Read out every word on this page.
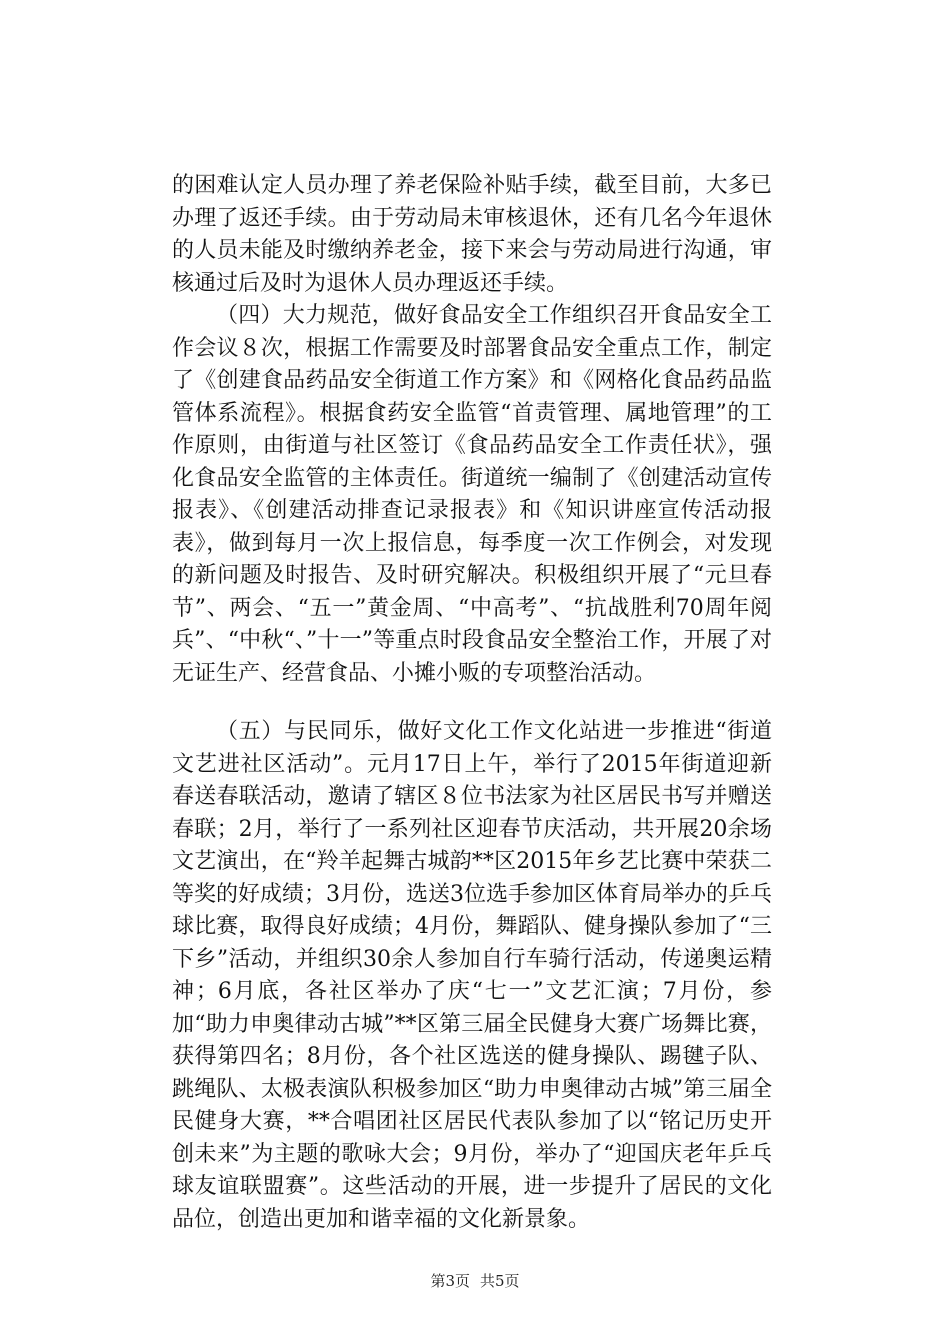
的困难认定人员办理了养老保险补贴手续，截至目前，大多已办理了返还手续。由于劳动局未审核退休，还有几名今年退休的人员未能及时缴纳养老金，接下来会与劳动局进行沟通，审核通过后及时为退休人员办理返还手续。

（四）大力规范，做好食品安全工作组织召开食品安全工作会议８次，根据工作需要及时部署食品安全重点工作，制定了《创建食品药品安全街道工作方案》和《网格化食品药品监管体系流程》。根据食药安全监管“首责管理、属地管理”的工作原则，由街道与社区签订《食品药品安全工作责任状》，强化食品安全监管的主体责任。街道统一编制了《创建活动宣传报表》、《创建活动排查记录报表》和《知识讲座宣传活动报表》，做到每月一次上报信息，每季度一次工作例会，对发现的新问题及时报告、及时研究解决。积极组织开展了“元旦春节”、两会、“五一”黄金周、“中高考”、“抗战胜利70周年阅兵”、“中秋“、”十一”等重点时段食品安全整治工作，开展了对无证生产、经营食品、小摊小贩的专项整治活动。

（五）与民同乐，做好文化工作文化站进一步推进“街道文艺进社区活动”。元月17日上午，举行了2015年街道迎新春送春联活动，邀请了辖区８位书法家为社区居民书写并赠送春联；2月，举行了一系列社区迎春节庆活动，共开展20余场文艺演出，在“羚羊起舞古城韵**区2015年乡艺比赛中荣获二等奖的好成绩；3月份，选送3位选手参加区体育局举办的乒乓球比赛，取得良好成绩；4月份，舞蹈队、健身操队参加了“三下乡”活动，并组织30余人参加自行车骑行活动，传递奥运精神；6月底，各社区举办了庆“七一”文艺汇演；7月份，参加“助力申奥律动古城”**区第三届全民健身大赛广场舞比赛，获得第四名；8月份，各个社区选送的健身操队、踢毽子队、跳绳队、太极表演队积极参加区“助力申奥律动古城”第三届全民健身大赛，**合唱团社区居民代表队参加了以“铭记历史开创未来”为主题的歌咏大会；9月份，举办了“迎国庆老年乒乓球友谊联盟赛”。这些活动的开展，进一步提升了居民的文化品位，创造出更加和谐幸福的文化新景象。

第3页 共5页
